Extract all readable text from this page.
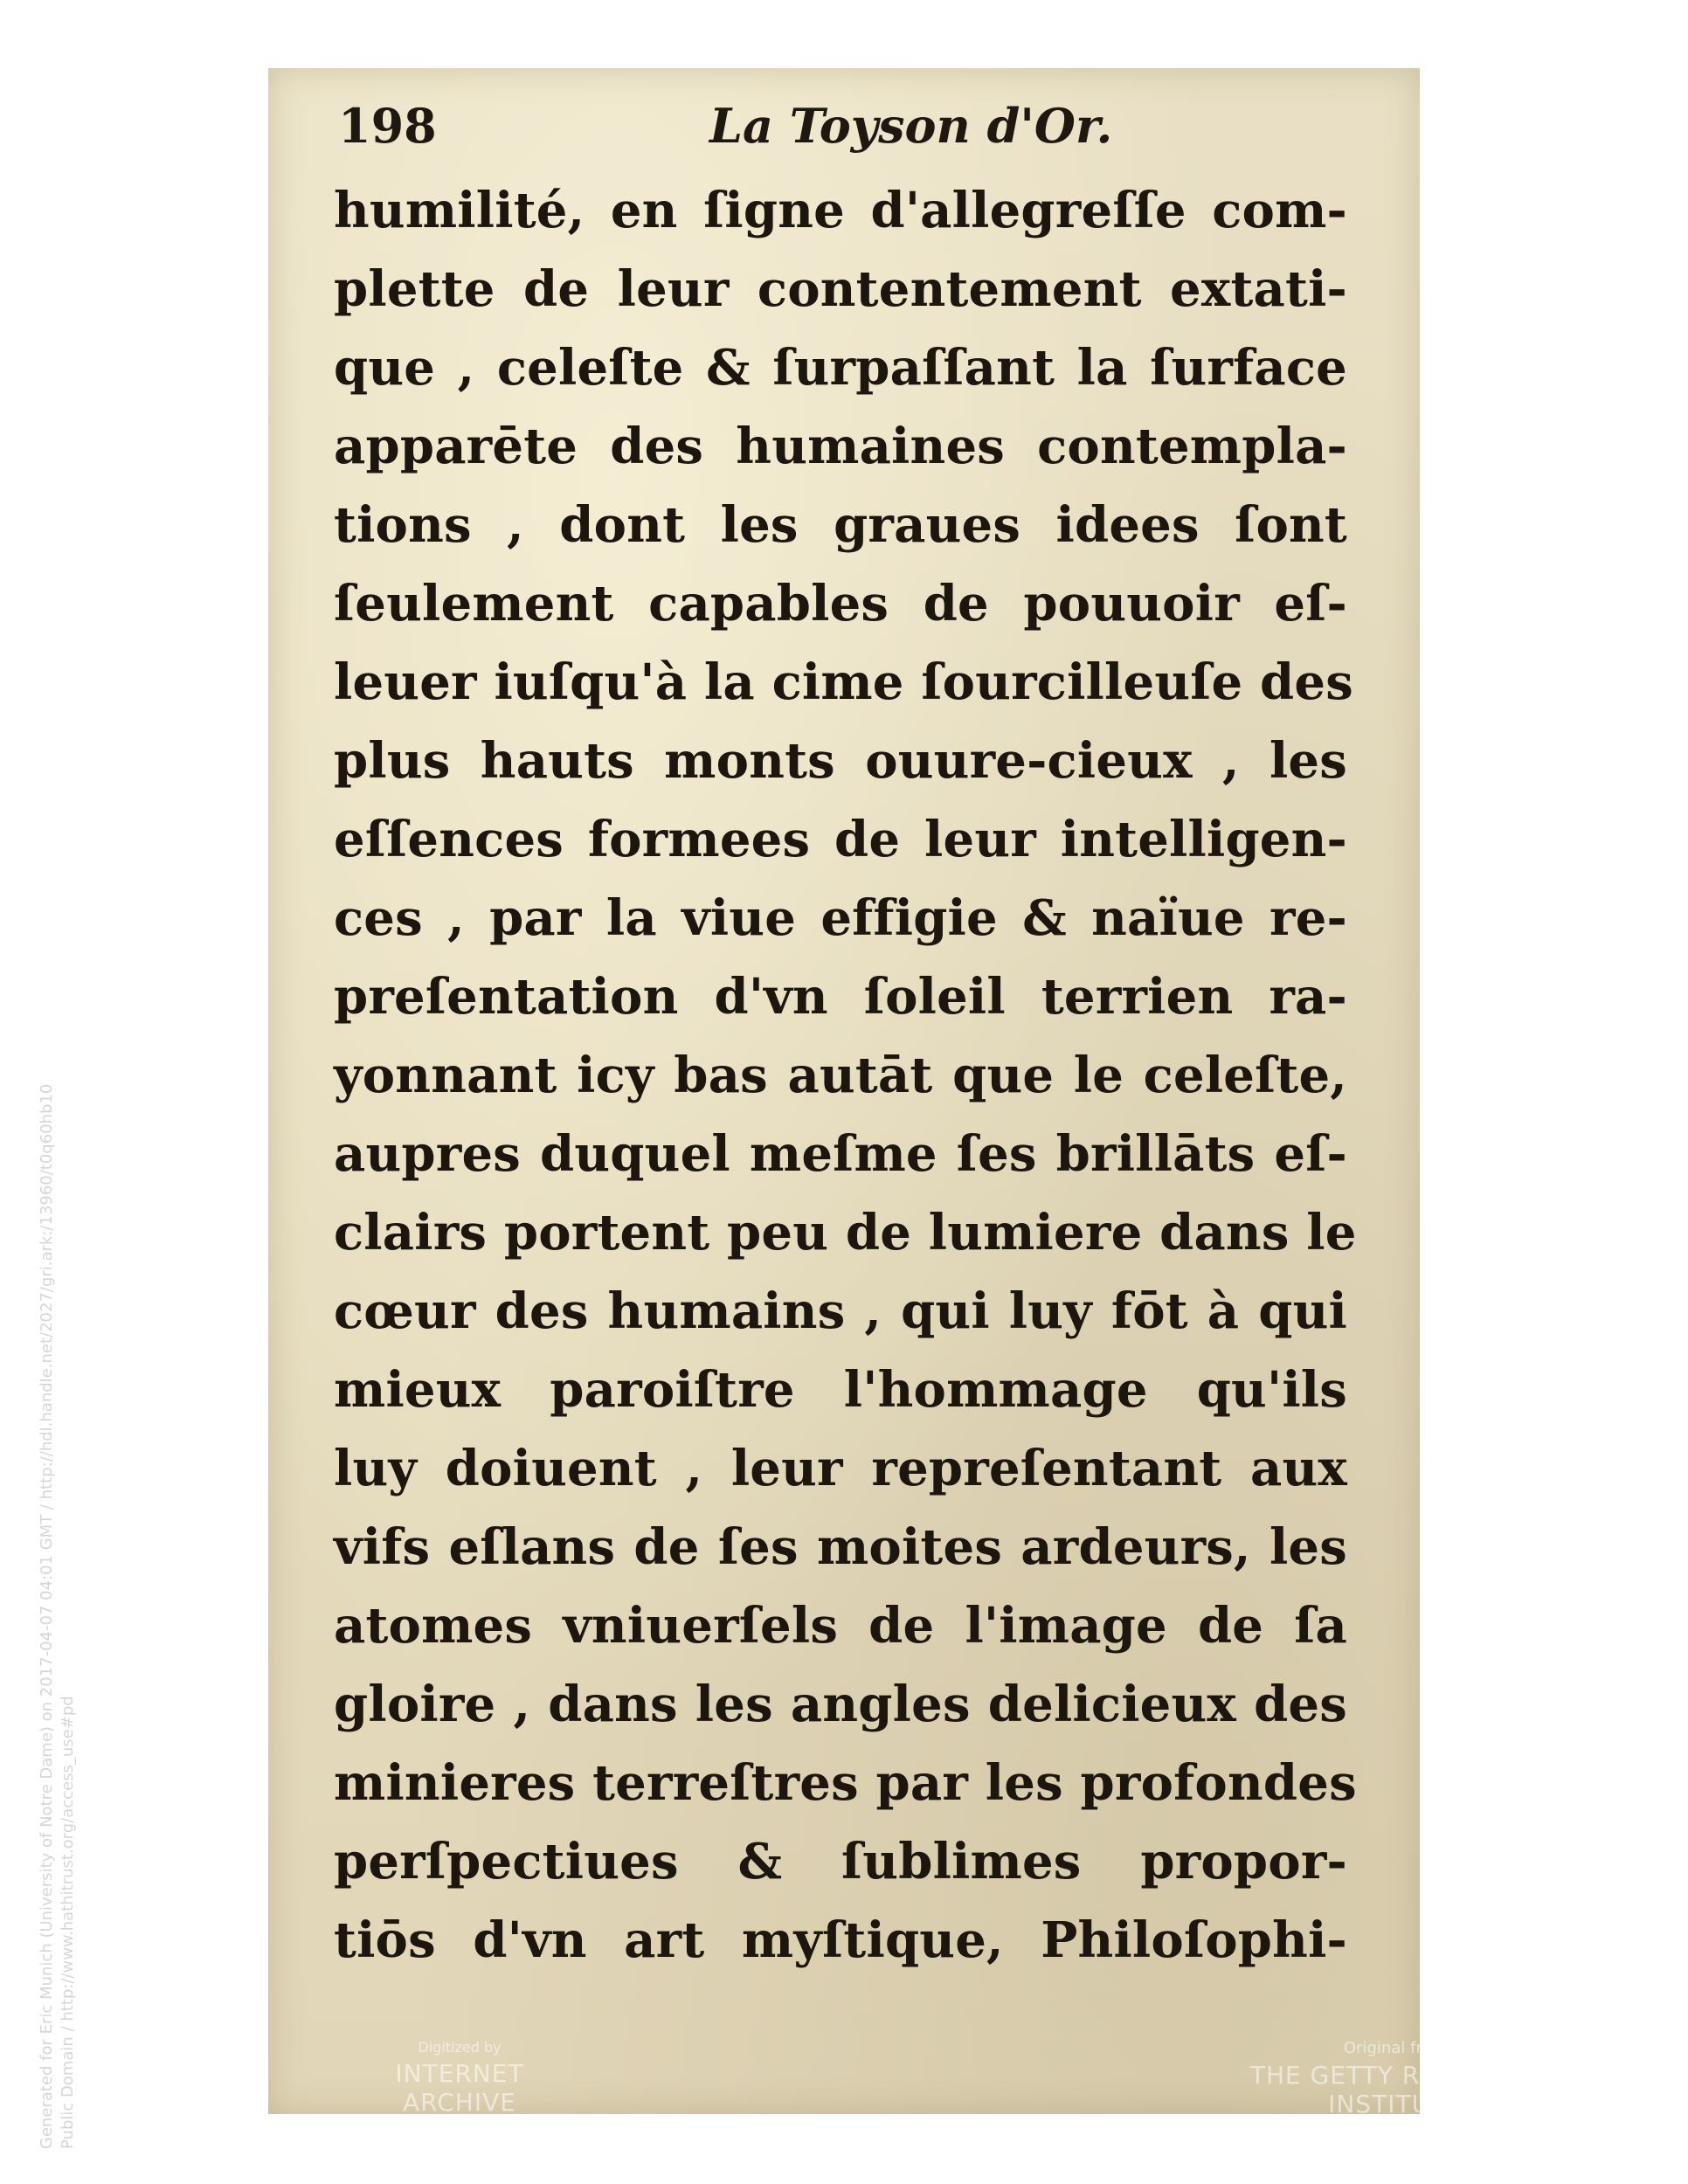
Generated for Eric Munich (University of Notre Dame) on 2017-04-07 04:01 GMT / http://hdl.handle.net/2027/gri.ark:/13960/t0q60hb10 Public Domain / http://www.hathitrust.org/access_use#pd
198	La Toyson d'Or.
humilité, en ſigne d'allegreſſe com-
plette de leur contentement extati-
que , celeſte & ſurpaſſant la ſurface
apparēte des humaines contempla-
tions , dont les graues idees ſont
ſeulement capables de pouuoir eſ-
leuer iuſqu'à la cime ſourcilleuſe des
plus hauts monts ouure-cieux , les
eſſences formees de leur intelligen-
ces , par la viue effigie & naïue re-
preſentation d'vn ſoleil terrien ra-
yonnant icy bas autāt que le celeſte,
aupres duquel meſme ſes brillāts eſ-
clairs portent peu de lumiere dans le
cœur des humains , qui luy fōt à qui
mieux paroiſtre l'hommage qu'ils
luy doiuent , leur repreſentant aux
vifs eſlans de ſes moites ardeurs, les
atomes vniuerſels de l'image de ſa
gloire , dans les angles delicieux des
minieres terreſtres par les profondes
perſpectiues & ſublimes propor-
tiōs d'vn art myſtique, Philoſophi-
Digitized by
INTERNET ARCHIVE
Original from
THE GETTY RESEARCH INSTITUTE
